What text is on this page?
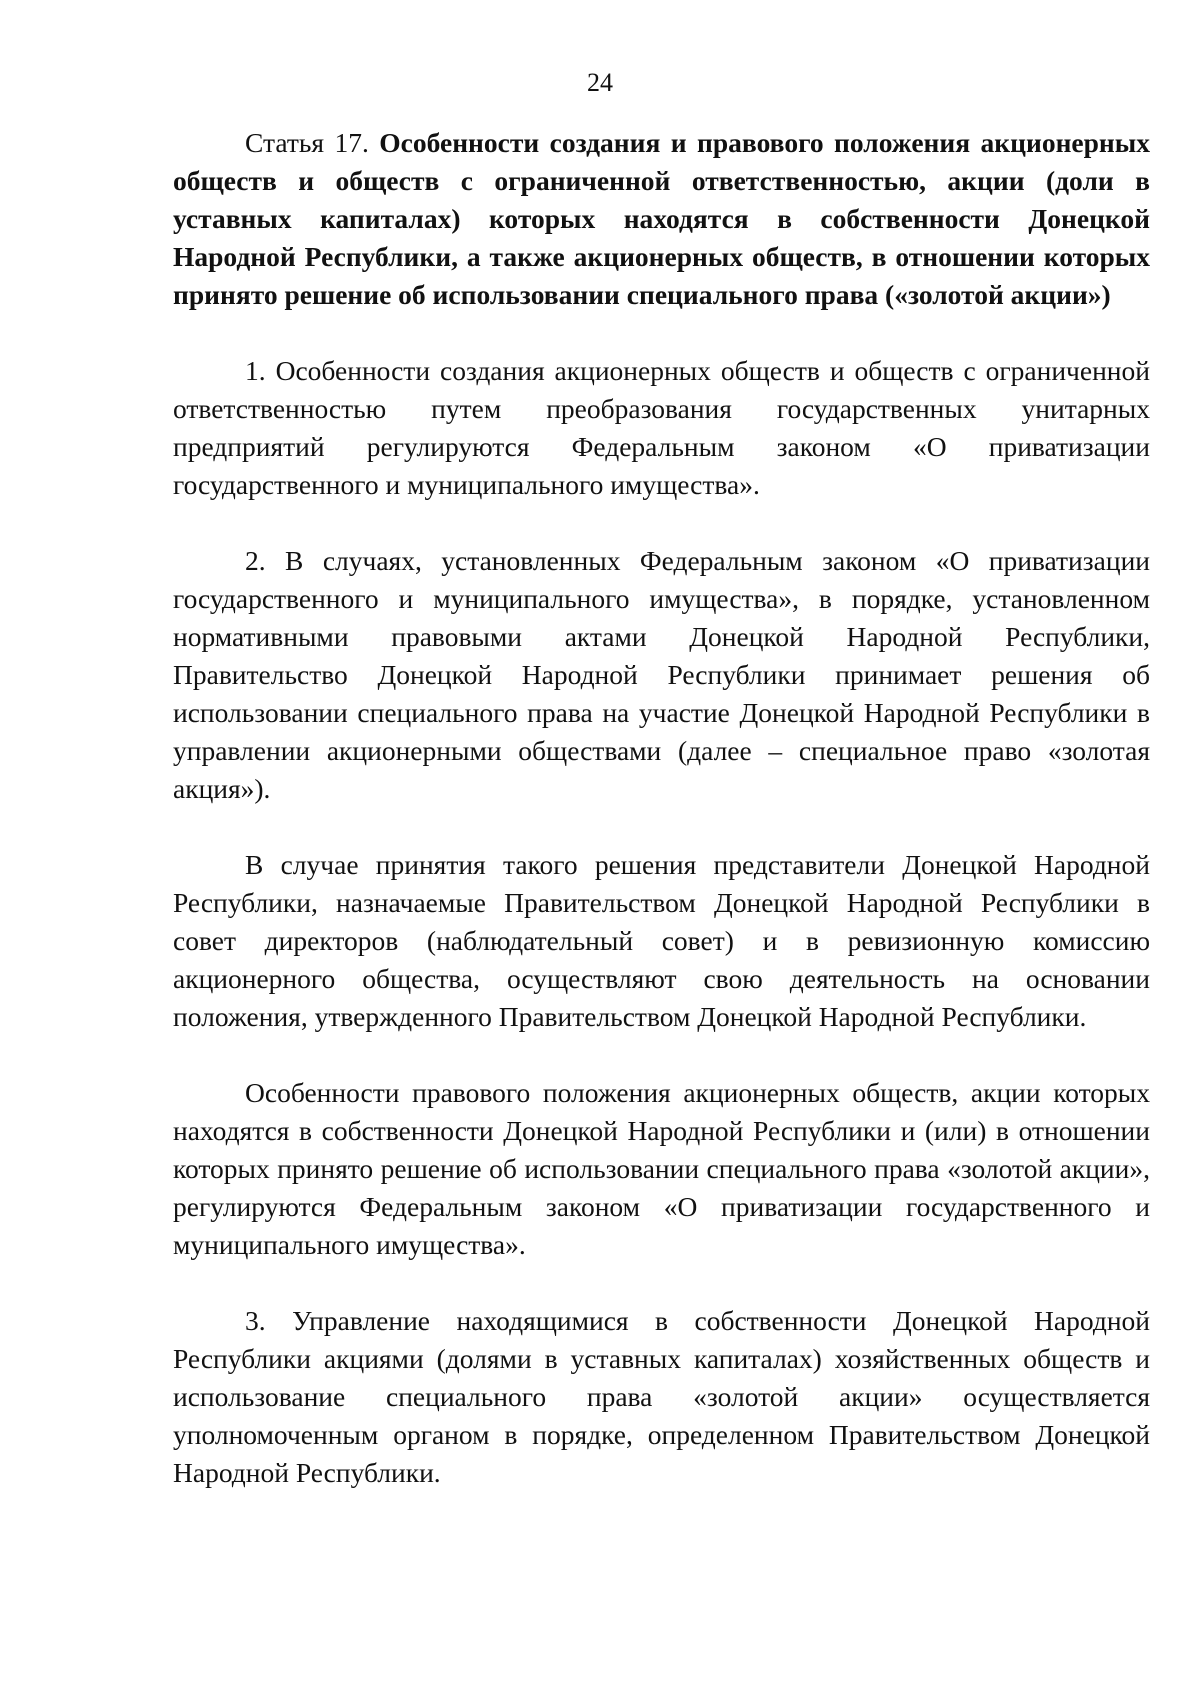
24

Статья 17. Особенности создания и правового положения акционерных обществ и обществ с ограниченной ответственностью, акции (доли в уставных капиталах) которых находятся в собственности Донецкой Народной Республики, а также акционерных обществ, в отношении которых принято решение об использовании специального права («золотой акции»)

1. Особенности создания акционерных обществ и обществ с ограниченной ответственностью путем преобразования государственных унитарных предприятий регулируются Федеральным законом «О приватизации государственного и муниципального имущества».

2. В случаях, установленных Федеральным законом «О приватизации государственного и муниципального имущества», в порядке, установленном нормативными правовыми актами Донецкой Народной Республики, Правительство Донецкой Народной Республики принимает решения об использовании специального права на участие Донецкой Народной Республики в управлении акционерными обществами (далее – специальное право «золотая акция»).

В случае принятия такого решения представители Донецкой Народной Республики, назначаемые Правительством Донецкой Народной Республики в совет директоров (наблюдательный совет) и в ревизионную комиссию акционерного общества, осуществляют свою деятельность на основании положения, утвержденного Правительством Донецкой Народной Республики.

Особенности правового положения акционерных обществ, акции которых находятся в собственности Донецкой Народной Республики и (или) в отношении которых принято решение об использовании специального права «золотой акции», регулируются Федеральным законом «О приватизации государственного и муниципального имущества».

3. Управление находящимися в собственности Донецкой Народной Республики акциями (долями в уставных капиталах) хозяйственных обществ и использование специального права «золотой акции» осуществляется уполномоченным органом в порядке, определенном Правительством Донецкой Народной Республики.
